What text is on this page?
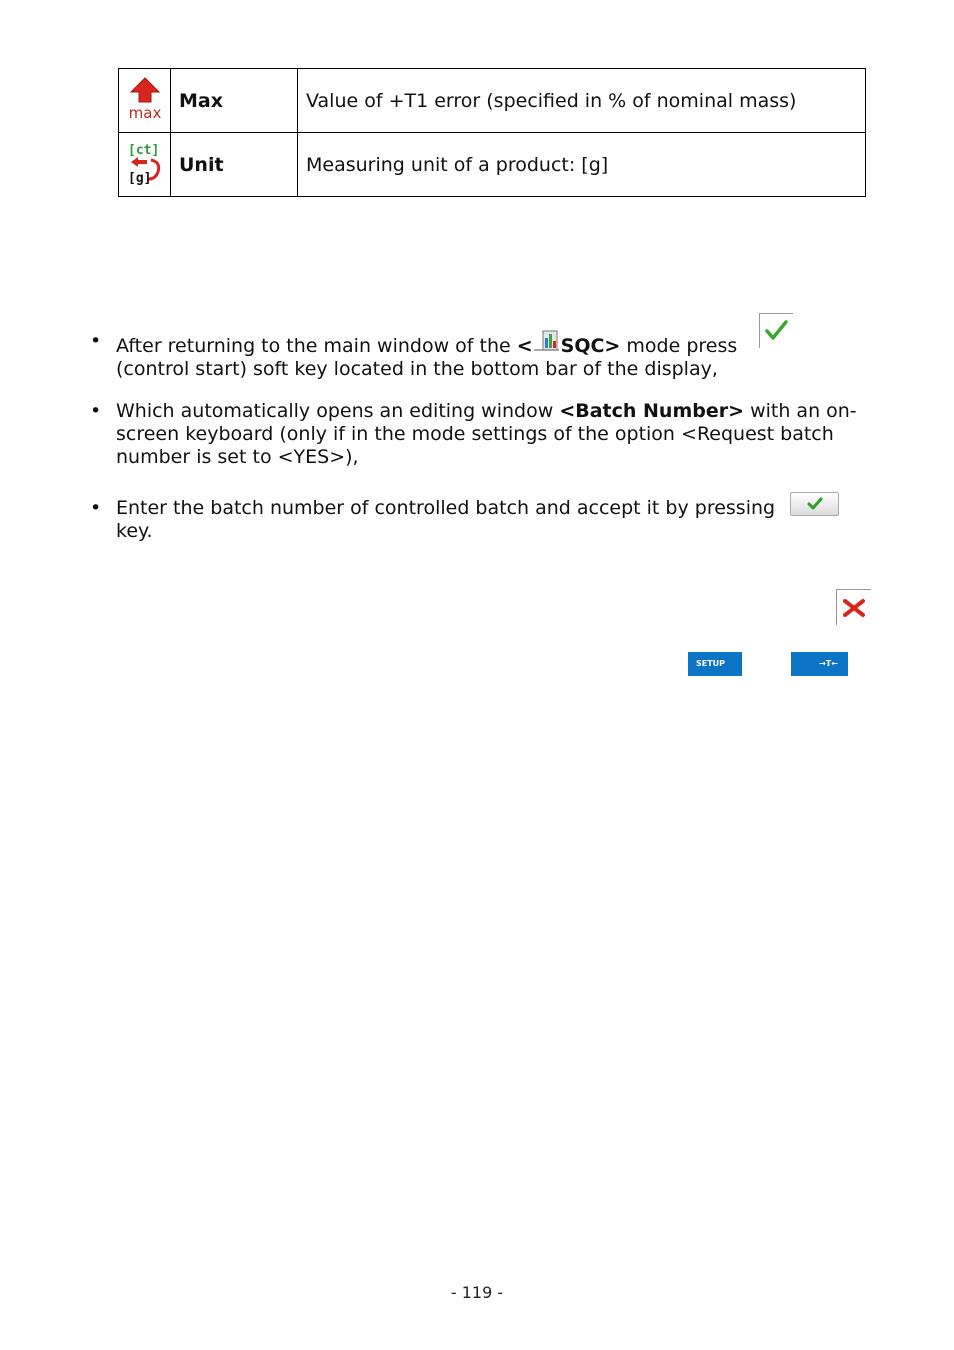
max	Max	Value of +T1 error (specified in % of nominal mass)

[ct]
[g]	Unit	Measuring unit of a product: [g]
• After returning to the main window of the < SQC> mode press
(control start) soft key located in the bottom bar of the display,
• Which automatically opens an editing window <Batch Number> with an on-
screen keyboard (only if in the mode settings of the option <Request batch
number is set to <YES>),
• Enter the batch number of controlled batch and accept it by pressing
key.
SETUP	→T←
- 119 -
